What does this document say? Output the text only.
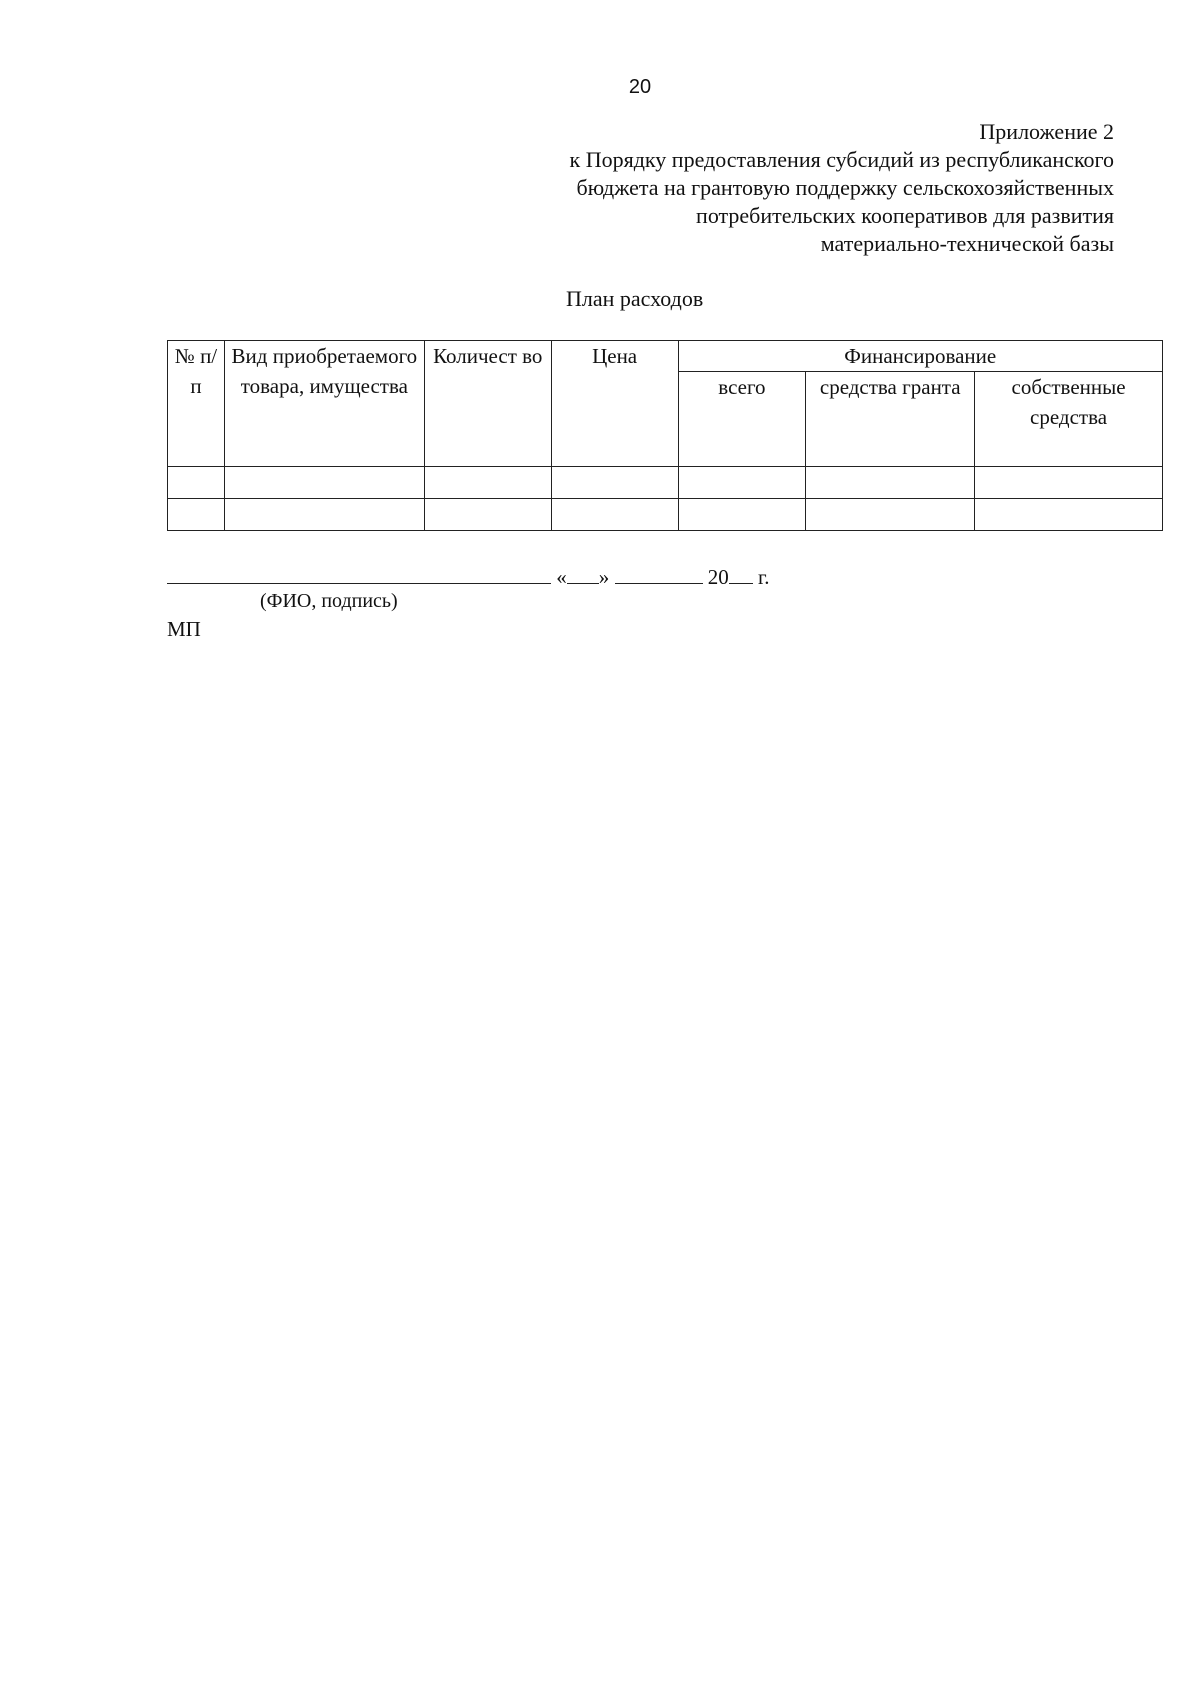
20
Приложение 2
к Порядку предоставления субсидий из республиканского
бюджета на грантовую поддержку сельскохозяйственных
потребительских кооперативов для развития
материально-технической базы
План расходов
№ п/п	Вид приобретаемого товара, имущества	Количест во	Цена	Финансирование		
				всего	средства гранта	собственные средства

« »	20 г.
(ФИО, подпись)
МП
